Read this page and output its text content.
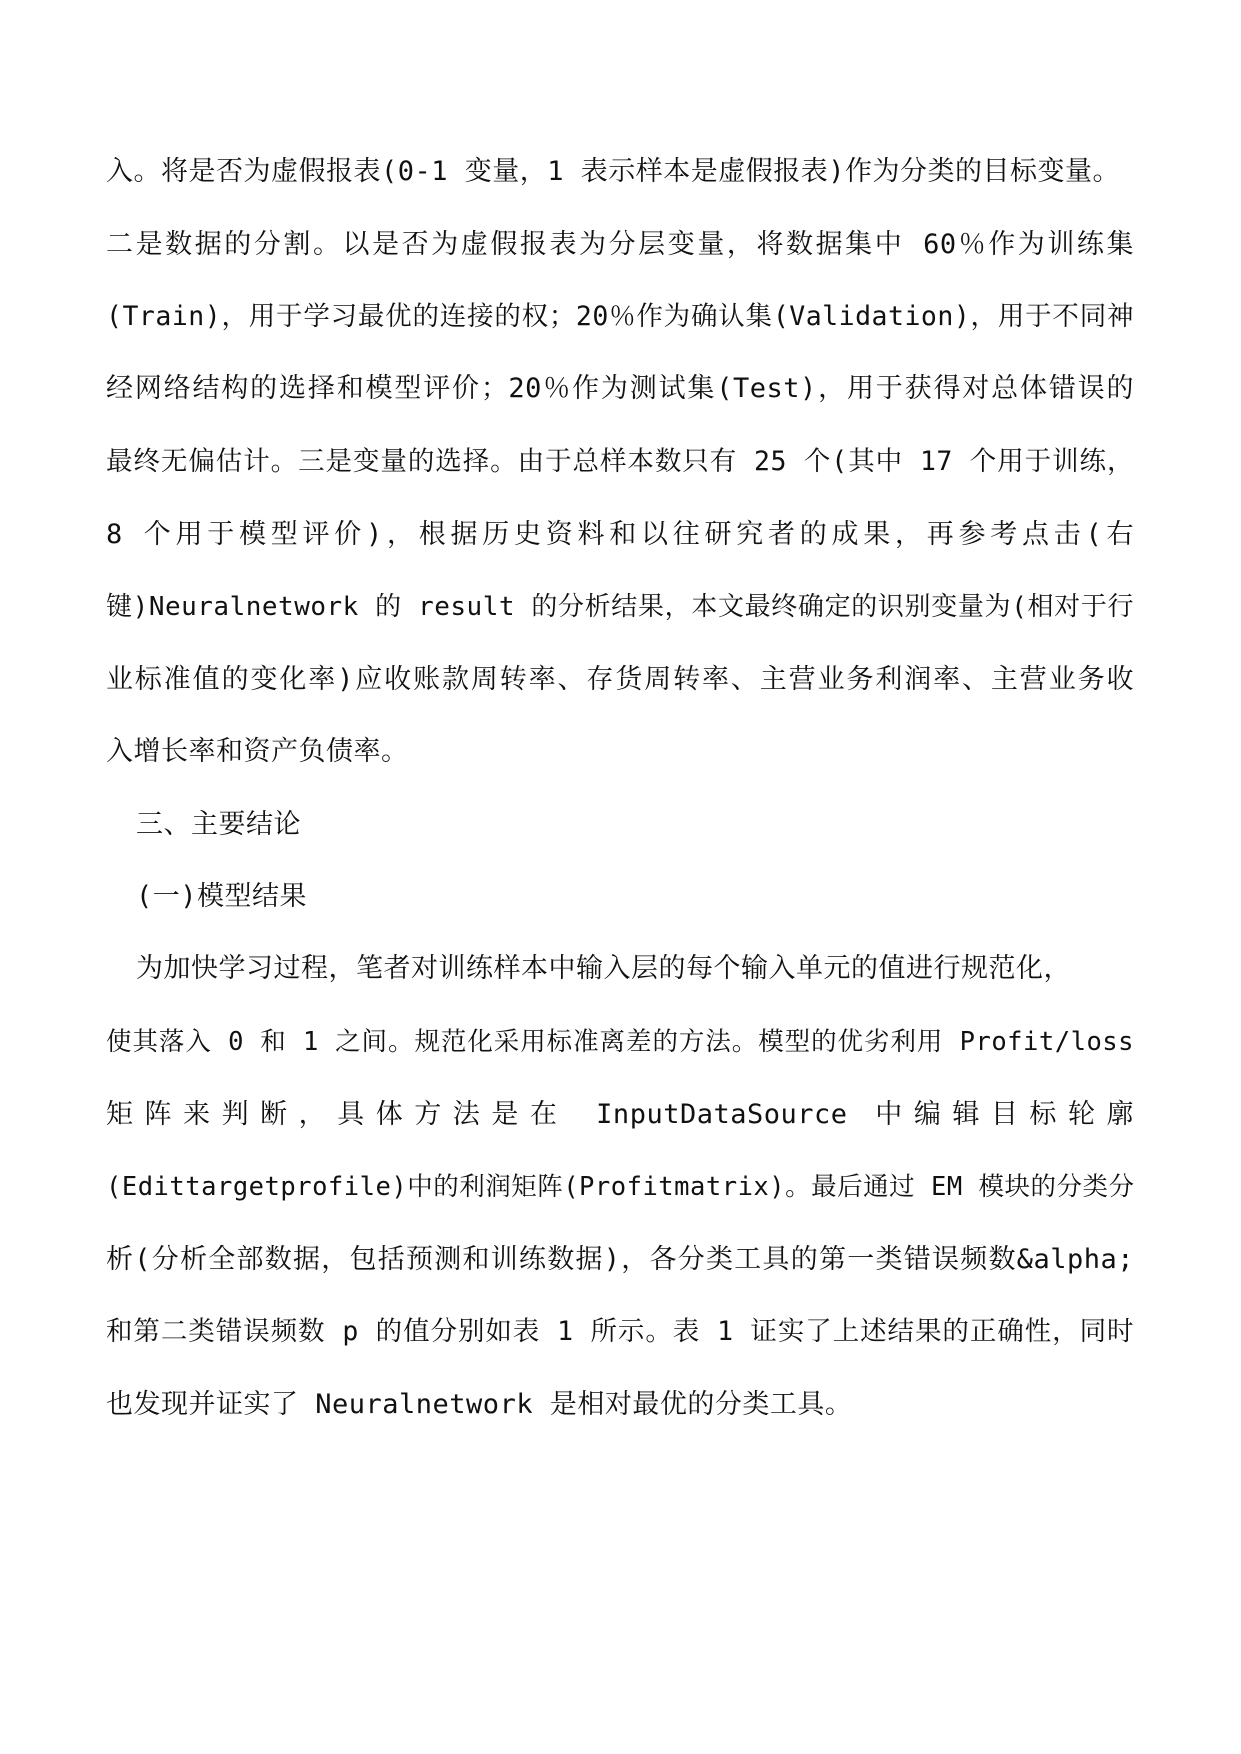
入。将是否为虚假报表(0-1 变量，1 表示样本是虚假报表)作为分类的目标变量。
二是数据的分割。以是否为虚假报表为分层变量，将数据集中 60％作为训练集
(Train)，用于学习最优的连接的权；20％作为确认集(Validation)，用于不同神
经网络结构的选择和模型评价；20％作为测试集(Test)，用于获得对总体错误的
最终无偏估计。三是变量的选择。由于总样本数只有 25 个(其中 17 个用于训练，
8 个用于模型评价)，根据历史资料和以往研究者的成果，再参考点击(右
键)Neuralnetwork 的 result 的分析结果，本文最终确定的识别变量为(相对于行
业标准值的变化率)应收账款周转率、存货周转率、主营业务利润率、主营业务收
入增长率和资产负债率。
三、主要结论
(一)模型结果
为加快学习过程，笔者对训练样本中输入层的每个输入单元的值进行规范化，
使其落入 0 和 1 之间。规范化采用标准离差的方法。模型的优劣利用 Profit/loss
矩阵来判断，具体方法是在 InputDataSource 中编辑目标轮廓
(Edittargetprofile)中的利润矩阵(Profitmatrix)。最后通过 EM 模块的分类分
析(分析全部数据，包括预测和训练数据)，各分类工具的第一类错误频数&alpha;
和第二类错误频数 p 的值分别如表 1 所示。表 1 证实了上述结果的正确性，同时
也发现并证实了 Neuralnetwork 是相对最优的分类工具。
